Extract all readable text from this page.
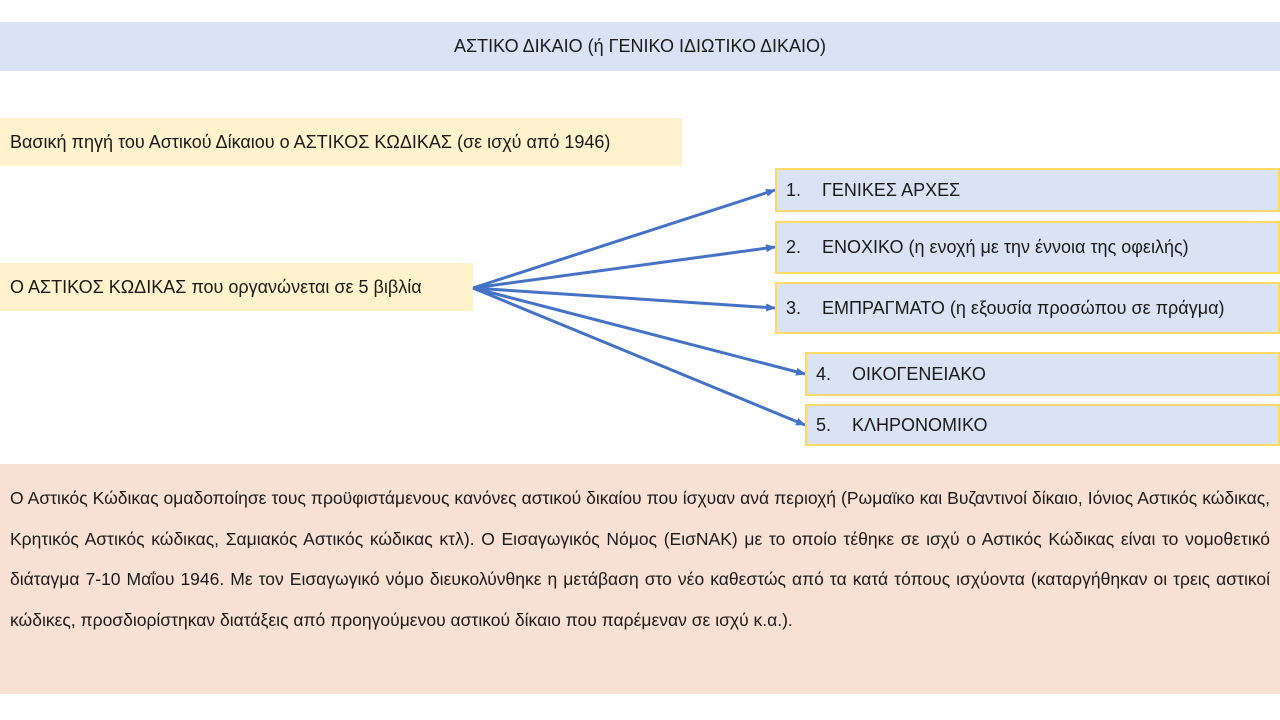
ΑΣΤΙΚΟ ΔΙΚΑΙΟ (ή ΓΕΝΙΚΟ ΙΔΙΩΤΙΚΟ ΔΙΚΑΙΟ)
Βασική πηγή του Αστικού Δίκαιου ο ΑΣΤΙΚΟΣ ΚΩΔΙΚΑΣ (σε ισχύ από 1946)
Ο ΑΣΤΙΚΟΣ ΚΩΔΙΚΑΣ που οργανώνεται σε 5 βιβλία
1.	ΓΕΝΙΚΕΣ ΑΡΧΕΣ
2.	ΕΝΟΧΙΚΟ (η ενοχή με την έννοια της οφειλής)
3.	ΕΜΠΡΑΓΜΑΤΟ (η εξουσία προσώπου σε πράγμα)
4.	ΟΙΚΟΓΕΝΕΙΑΚΟ
5.	ΚΛΗΡΟΝΟΜΙΚΟ
Ο Αστικός Κώδικας ομαδοποίησε τους προϋφιστάμενους κανόνες αστικού δικαίου που ίσχυαν ανά περιοχή (Ρωμαϊκο και Βυζαντινοί δίκαιο, Ιόνιος Αστικός κώδικας, Κρητικός Αστικός κώδικας, Σαμιακός Αστικός κώδικας κτλ). Ο Εισαγωγικός Νόμος (ΕισΝΑΚ) με το οποίο τέθηκε σε ισχύ ο Αστικός Κώδικας είναι το νομοθετικό διάταγμα 7-10 Μαΐου 1946. Με τον Εισαγωγικό νόμο διευκολύνθηκε η μετάβαση στο νέο καθεστώς από τα κατά τόπους ισχύοντα (καταργήθηκαν οι τρεις αστικοί κώδικες, προσδιορίστηκαν διατάξεις από προηγούμενου αστικού δίκαιο που παρέμεναν σε ισχύ κ.α.).
